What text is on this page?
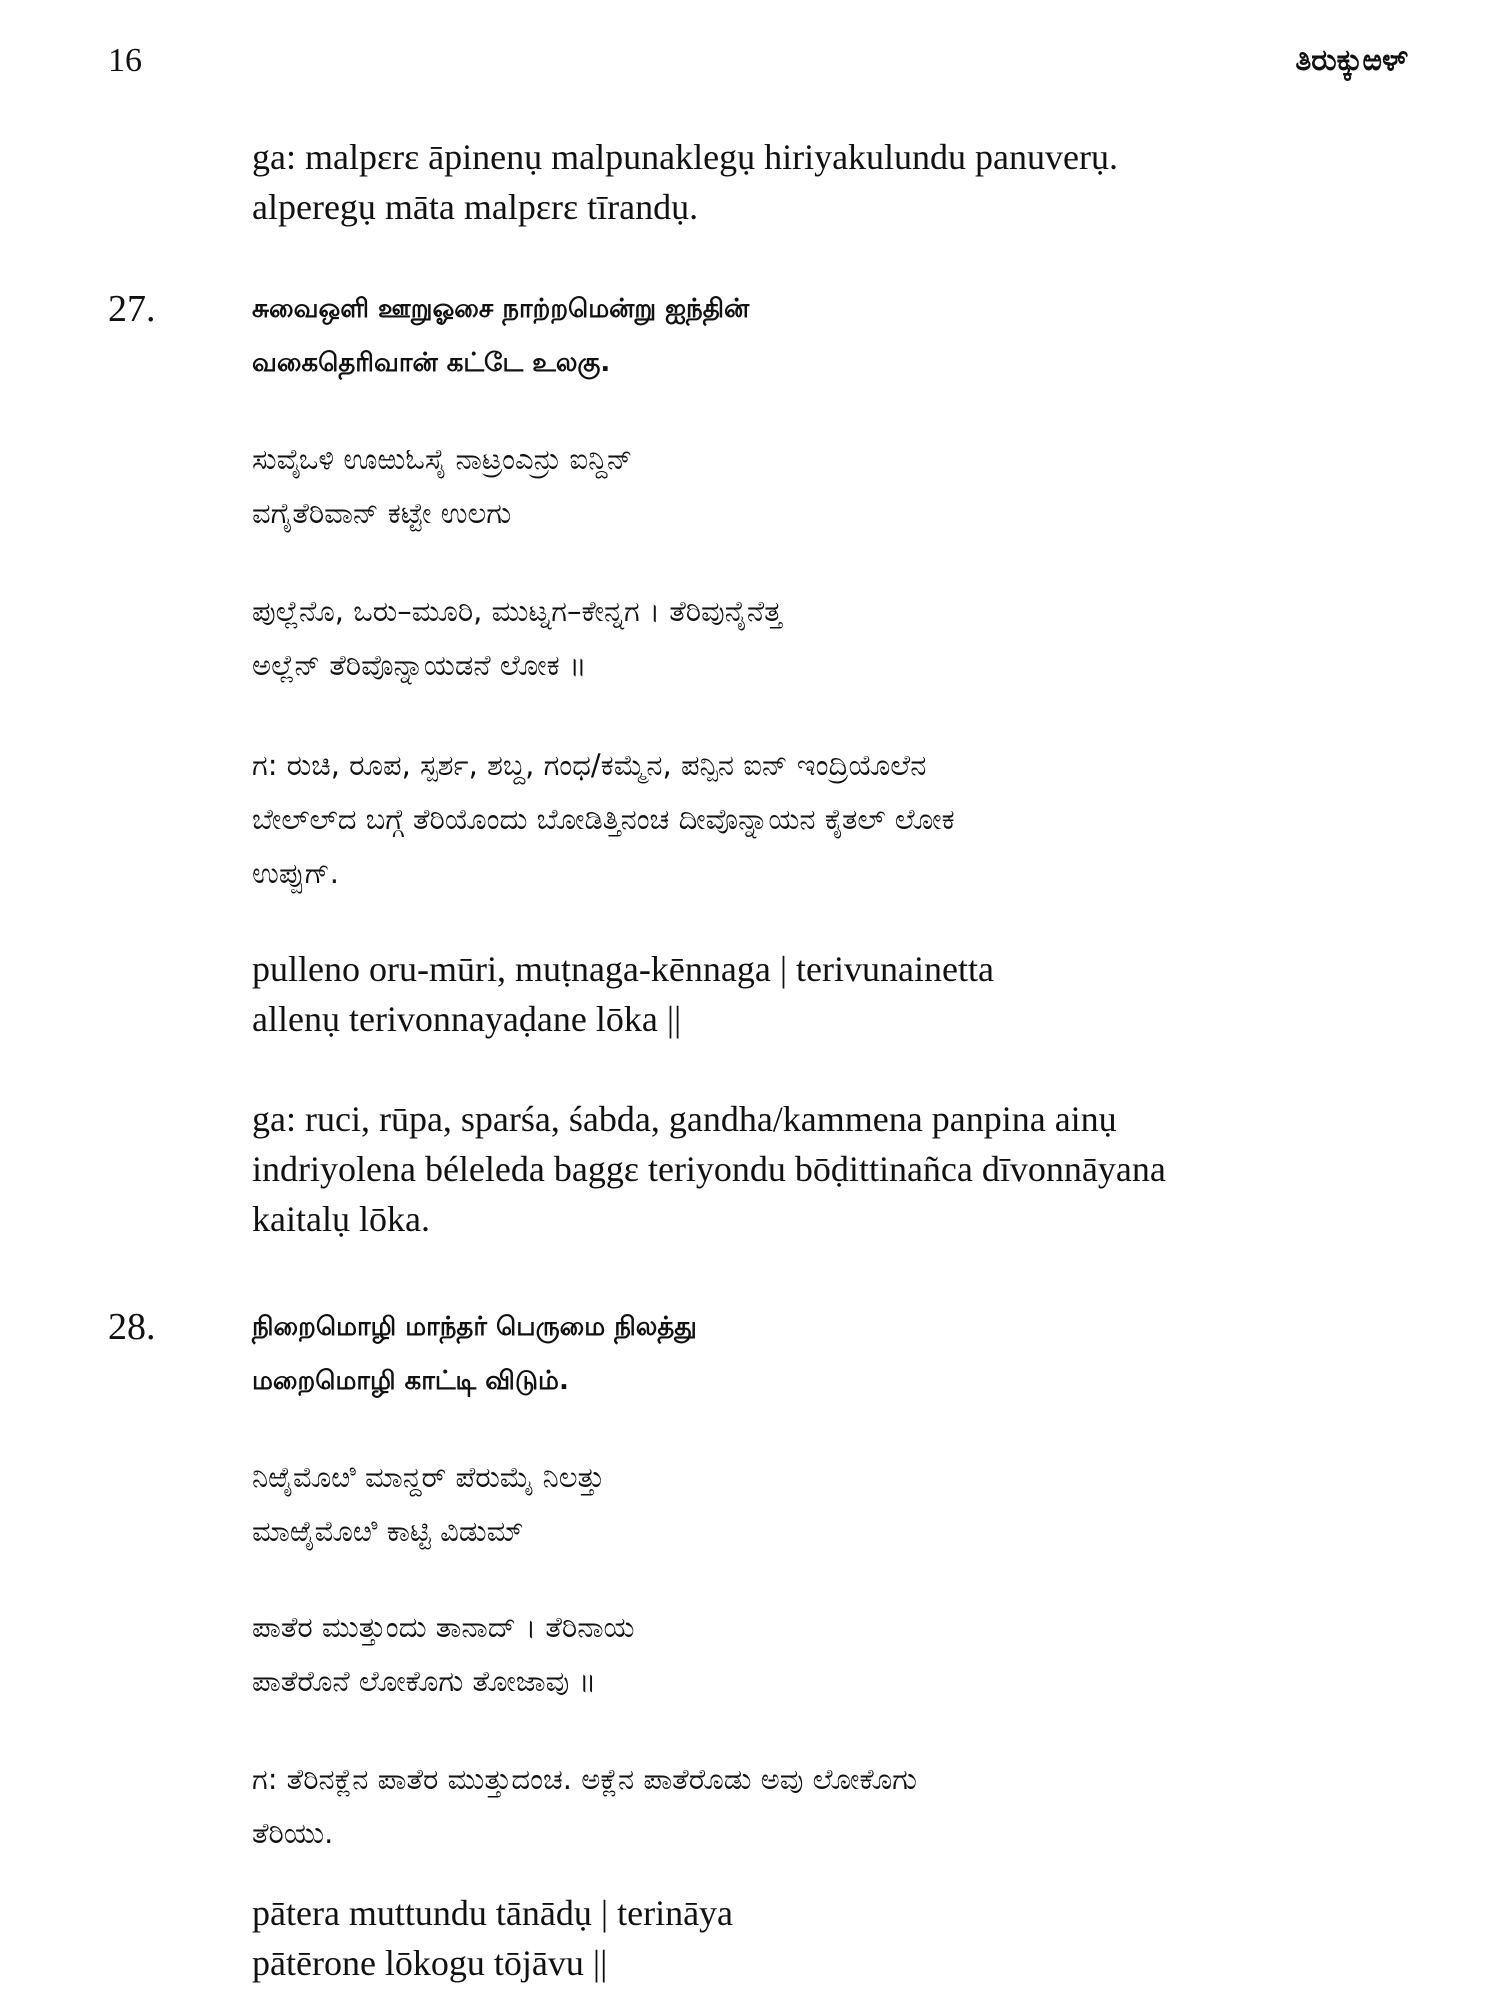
16	ತಿರುಕ್ಕುಱಳ್
ga: malpɛrɛ āpinenụ malpunaklegụ hiriyakulundu panuverụ.
alperegụ māta malpɛrɛ tīrandụ.
27.	சுவைஒளி ஊறுஓசை நாற்றமென்று ஐந்தின்
வகைதெரிவான் கட்டே உலகு.
ಸುವೈಒಳಿ ಊಱುಓಸೈ ನಾಟ್ರಂಎನ್ರು ಐನ್ದಿನ್
ವಗೈತೆರಿವಾನ್ ಕಟ್ಟೇ ಉಲಗು
ಪುಲ್ಲೆನೊ, ಒರು–ಮೂರಿ, ಮುಟ್ನಗ–ಕೇನ್ನಗ । ತೆರಿವುನೈನೆತ್ತ
ಅಲ್ಲೆನ್ ತೆರಿವೊನ್ನಾಯಡನೆ ಲೋಕ ॥
ಗ: ರುಚಿ, ರೂಪ, ಸ್ಪರ್ಶ, ಶಬ್ದ, ಗಂಧ/ಕಮ್ಮೆನ, ಪನ್ಪಿನ ಐನ್ ಇಂದ್ರಿಯೊಲೆನ
ಬೇಲ್‌ಲ್‌ದ ಬಗ್ಗೆ ತೆರಿಯೊಂದು ಬೋಡಿತ್ತಿನಂಚ ದೀವೊನ್ನಾಯನ ಕೈತಲ್ ಲೋಕ
ಉಪ್ಪುಗ್.
pulleno oru-mūri, muṭnaga-kēnnaga | terivunainetta
allenụ terivonnayaḍane lōka ||
ga: ruci, rūpa, sparśa, śabda, gandha/kammena panpina ainụ
indriyolena béleleda baggɛ teriyondu bōḍittinañca dīvonnāyana
kaitalụ lōka.
28.	நிறைமொழி மாந்தர் பெருமை நிலத்து
மறைமொழி காட்டி விடும்.
ನಿಱೈಮೊೞಿ ಮಾನ್ದರ್ ಪೆರುಮೈ ನಿಲತ್ತು
ಮಾಱೈಮೊೞಿ ಕಾಟ್ಟಿ ವಿಡುಮ್
ಪಾತೆರ ಮುತ್ತುಂದು ತಾನಾದ್ । ತೆರಿನಾಯ
ಪಾತೆರೊನೆ ಲೋಕೊಗು ತೋಜಾವು ॥
ಗ: ತೆರಿನಕ್ಲೆನ ಪಾತೆರ ಮುತ್ತುದಂಚ. ಅಕ್ಲೆನ ಪಾತೆರೊಡು ಅವು ಲೋಕೊಗು
ತೆರಿಯು.
pātera muttundu tānādụ | terināya
pātērone lōkogu tōjāvu ||
